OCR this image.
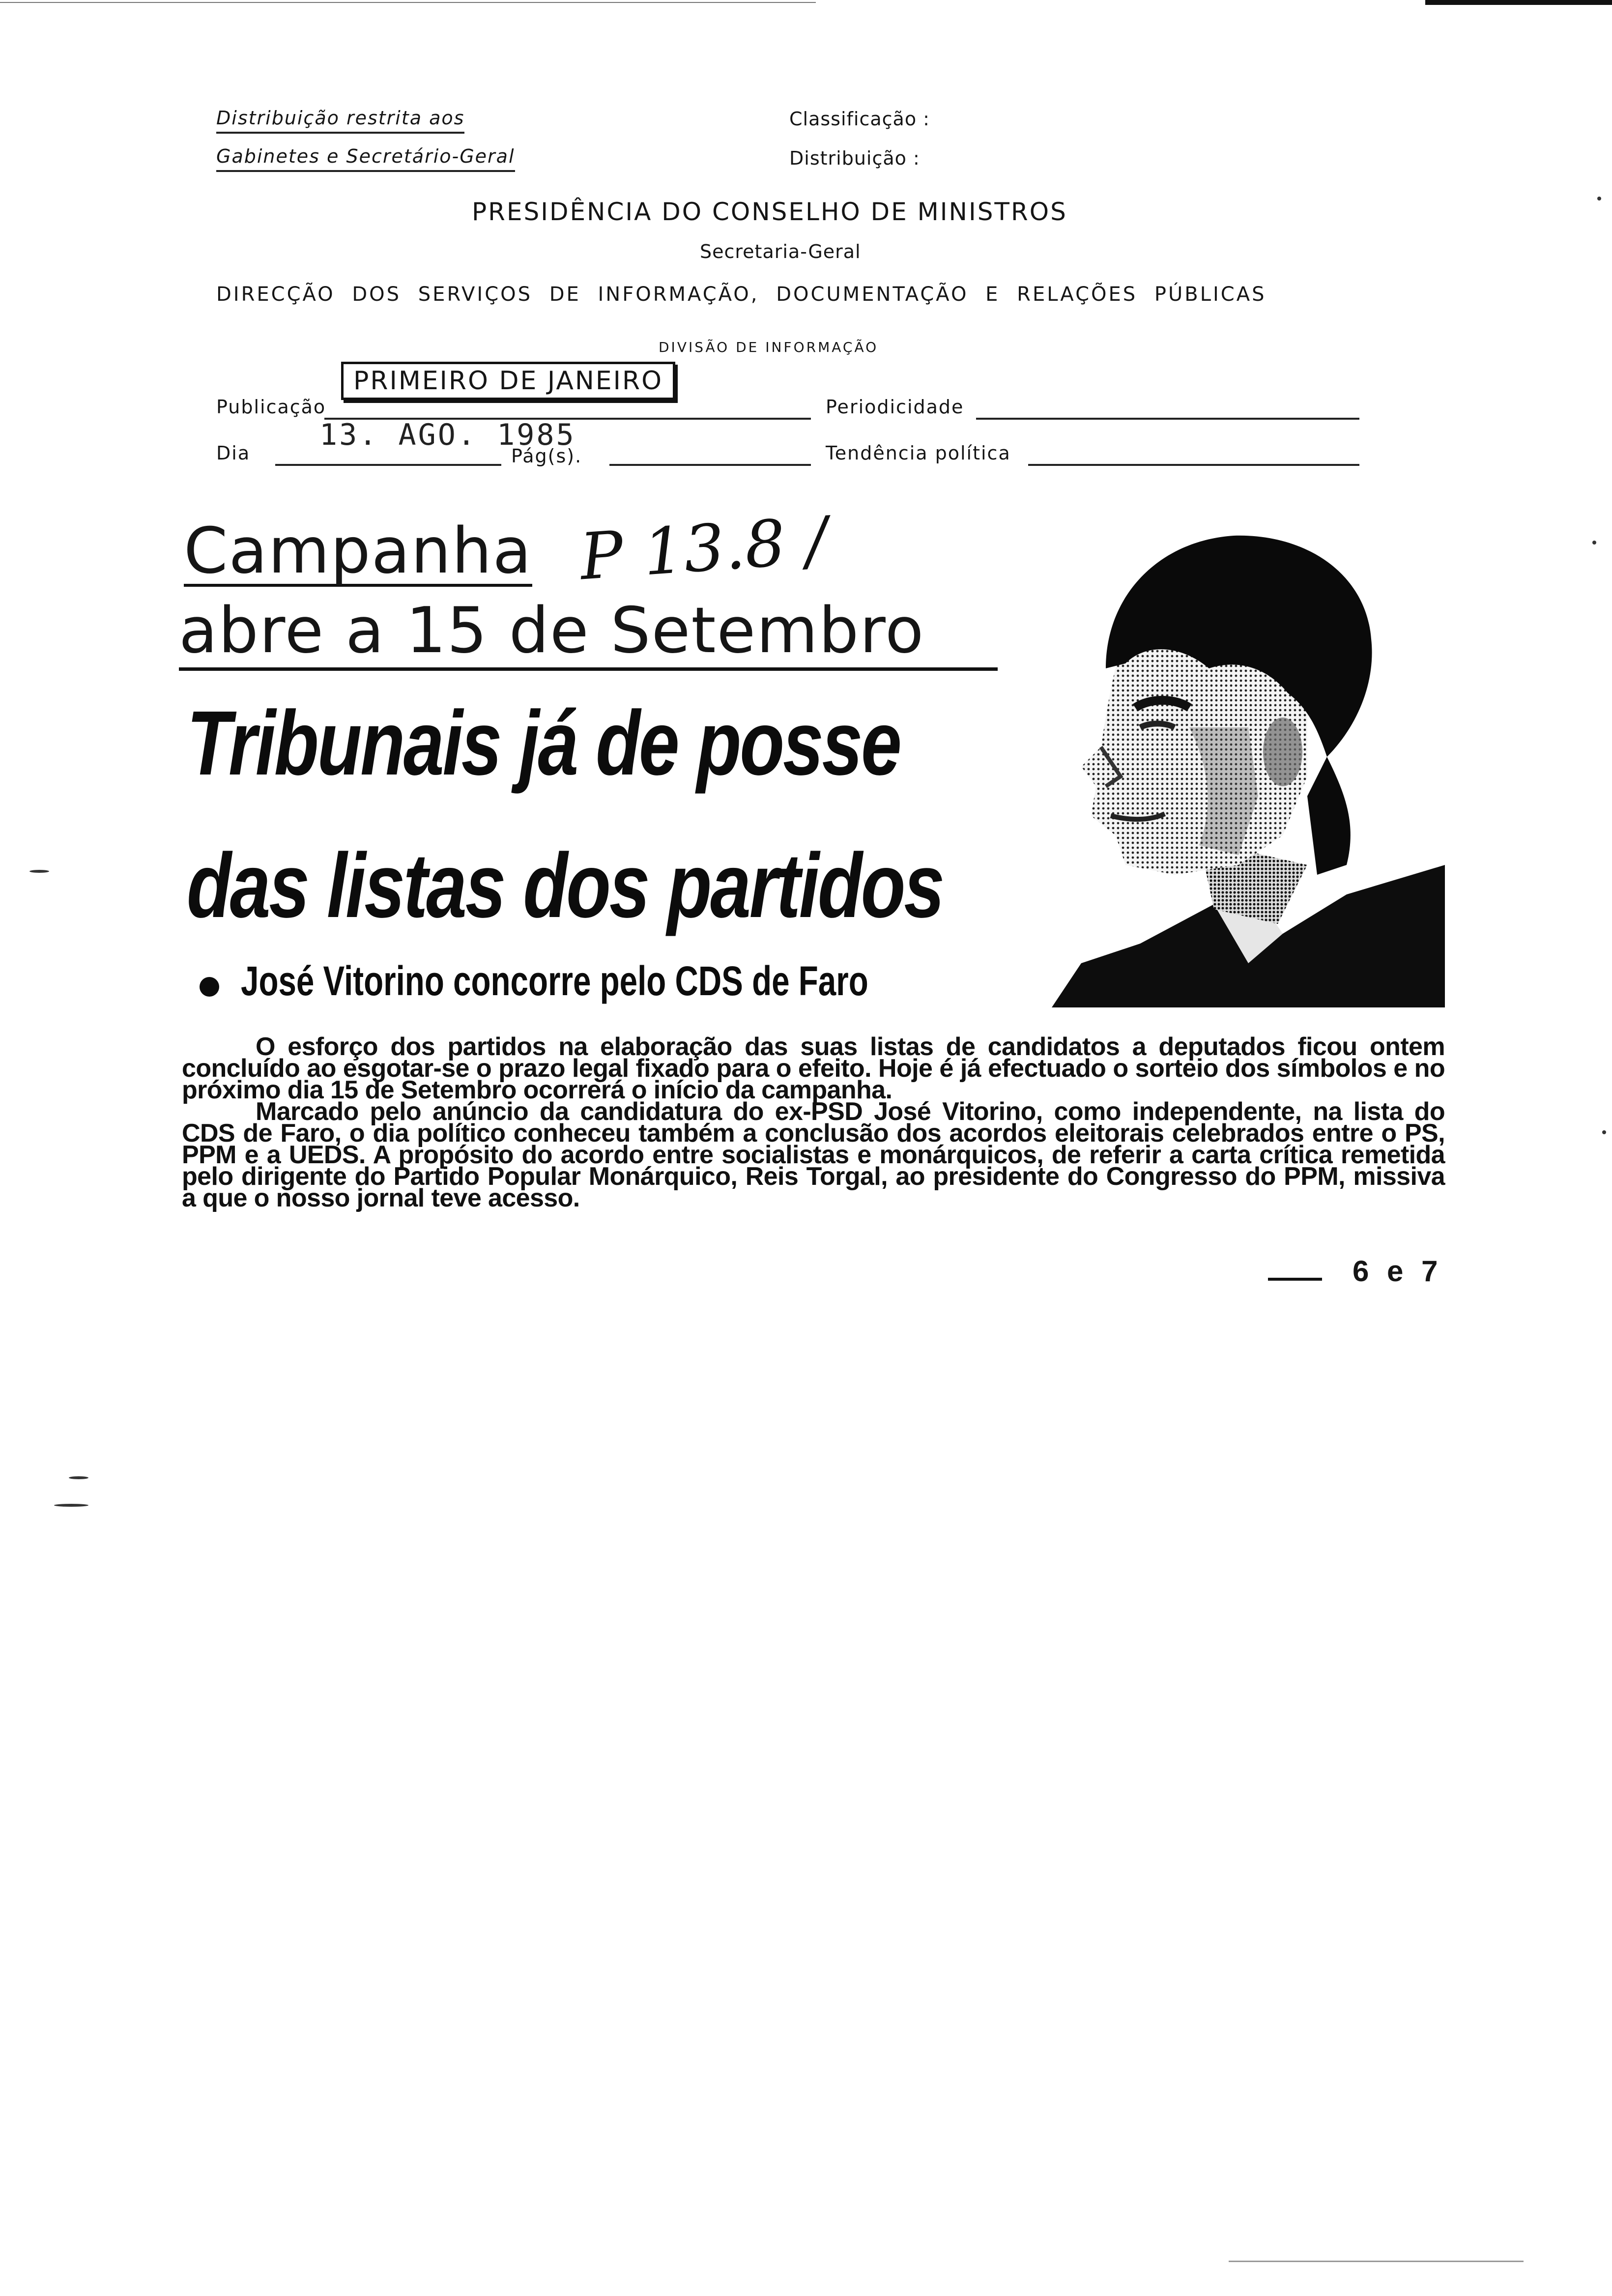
Distribuição restrita aos
Gabinetes e Secretário-Geral
Classificação :
Distribuição :
PRESIDÊNCIA DO CONSELHO DE MINISTROS
Secretaria-Geral
DIRECÇÃO DOS SERVIÇOS DE INFORMAÇÃO, DOCUMENTAÇÃO E RELAÇÕES PÚBLICAS
DIVISÃO DE INFORMAÇÃO
Publicação
PRIMEIRO DE JANEIRO
Periodicidade
Dia
13. AGO. 1985
Pág(s).	Tendência política
Campanha
abre a 15 de Setembro
P 13.8 /
Tribunais já de posse
das listas dos partidos
José Vitorino concorre pelo CDS de Faro

O esforço dos partidos na elaboração das suas listas de candidatos a deputados ficou ontem concluído ao esgotar-se o prazo legal fixado para o efeito. Hoje é já efectuado o sorteio dos símbolos e no próximo dia 15 de Setembro ocorrerá o início da campanha.

Marcado pelo anúncio da candidatura do ex-PSD José Vitorino, como independente, na lista do CDS de Faro, o dia político conheceu também a conclusão dos acordos eleitorais celebrados entre o PS, PPM e a UEDS. A propósito do acordo entre socialistas e monárquicos, de referir a carta crítica remetida pelo dirigente do Partido Popular Monárquico, Reis Torgal, ao presidente do Congresso do PPM, missiva a que o nosso jornal teve acesso.

6 e 7
